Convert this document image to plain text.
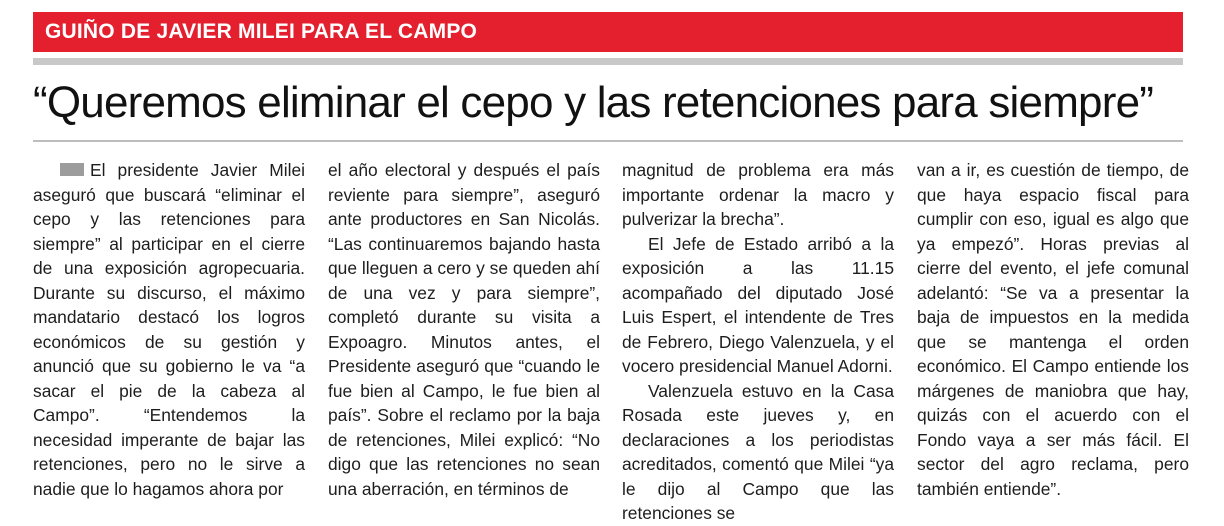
GUIÑO DE JAVIER MILEI PARA EL CAMPO
“Queremos eliminar el cepo y las retenciones para siempre”

El presidente Javier Milei aseguró que buscará “eliminar el cepo y las retenciones para siempre” al participar en el cierre de una exposición agropecuaria. Durante su discurso, el máximo mandatario destacó los logros económicos de su gestión y anunció que su gobierno le va “a sacar el pie de la cabeza al Campo”. “Entendemos la necesidad imperante de bajar las retenciones, pero no le sirve a nadie que lo hagamos ahora por

el año electoral y después el país reviente para siempre”, aseguró ante productores en San Nicolás. “Las continuaremos bajando hasta que lleguen a cero y se queden ahí de una vez y para siempre”, completó durante su visita a Expoagro. Minutos antes, el Presidente aseguró que “cuando le fue bien al Campo, le fue bien al país”. Sobre el reclamo por la baja de retenciones, Milei explicó: “No digo que las retenciones no sean una aberración, en términos de

magnitud de problema era más importante ordenar la macro y pulverizar la brecha”.

El Jefe de Estado arribó a la exposición a las 11.15 acompañado del diputado José Luis Espert, el intendente de Tres de Febrero, Diego Valenzuela, y el vocero presidencial Manuel Adorni.

Valenzuela estuvo en la Casa Rosada este jueves y, en declaraciones a los periodistas acreditados, comentó que Milei “ya le dijo al Campo que las retenciones se

van a ir, es cuestión de tiempo, de que haya espacio fiscal para cumplir con eso, igual es algo que ya empezó”. Horas previas al cierre del evento, el jefe comunal adelantó: “Se va a presentar la baja de impuestos en la medida que se mantenga el orden económico. El Campo entiende los márgenes de maniobra que hay, quizás con el acuerdo con el Fondo vaya a ser más fácil. El sector del agro reclama, pero también entiende”.
